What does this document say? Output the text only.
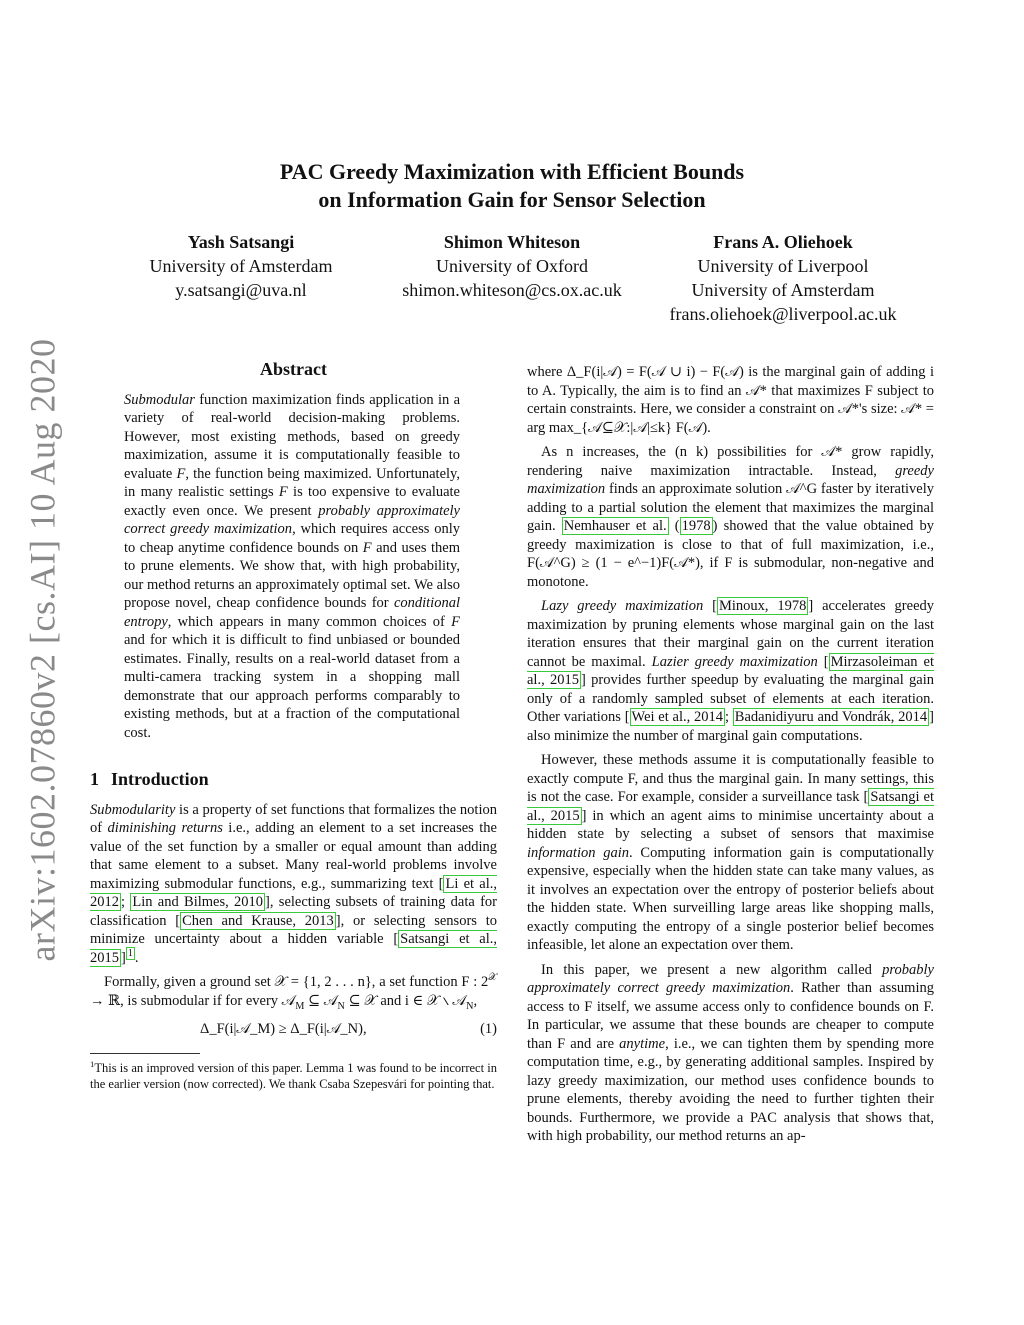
arXiv:1602.07860v2 [cs.AI] 10 Aug 2020
PAC Greedy Maximization with Efficient Bounds
on Information Gain for Sensor Selection
Yash Satsangi
University of Amsterdam
y.satsangi@uva.nl
Shimon Whiteson
University of Oxford
shimon.whiteson@cs.ox.ac.uk
Frans A. Oliehoek
University of Liverpool
University of Amsterdam
frans.oliehoek@liverpool.ac.uk
Abstract

Submodular function maximization finds application in a variety of real-world decision-making problems. However, most existing methods, based on greedy maximization, assume it is computationally feasible to evaluate F, the function being maximized. Unfortunately, in many realistic settings F is too expensive to evaluate exactly even once. We present probably approximately correct greedy maximization, which requires access only to cheap anytime confidence bounds on F and uses them to prune elements. We show that, with high probability, our method returns an approximately optimal set. We also propose novel, cheap confidence bounds for conditional entropy, which appears in many common choices of F and for which it is difficult to find unbiased or bounded estimates. Finally, results on a real-world dataset from a multi-camera tracking system in a shopping mall demonstrate that our approach performs comparably to existing methods, but at a fraction of the computational cost.

1 Introduction

Submodularity is a property of set functions that formalizes the notion of diminishing returns i.e., adding an element to a set increases the value of the set function by a smaller or equal amount than adding that same element to a subset. Many real-world problems involve maximizing submodular functions, e.g., summarizing text [ Li et al., 2012 ; Lin and Bilmes, 2010 ], selecting subsets of training data for classification [ Chen and Krause, 2013 ], or selecting sensors to minimize uncertainty about a hidden variable [ Satsangi et al., 2015 ] $^1$ .

Formally, given a ground set 𝒳 = {1, 2 . . . n}, a set function F : $2^𝒳$ → ℝ, is submodular if for every 𝒜$_M$ ⊆ 𝒜$_N$ ⊆ 𝒳 and i ∈ 𝒳 ∖ 𝒜$_N$,

Δ_F(i|𝒜_M) ≥ Δ_F(i|𝒜_N),	(1)
$^1$This is an improved version of this paper. Lemma 1 was found to be incorrect in the earlier version (now corrected). We thank Csaba Szepesvári for pointing that.

where Δ_F(i|𝒜) = F(𝒜 ∪ i) − F(𝒜) is the marginal gain of adding i to A. Typically, the aim is to find an 𝒜* that maximizes F subject to certain constraints. Here, we consider a constraint on 𝒜*'s size: 𝒜* = arg max_{𝒜⊆𝒳:|𝒜|≤k} F(𝒜).

As n increases, the (n k) possibilities for 𝒜* grow rapidly, rendering naive maximization intractable. Instead, greedy maximization finds an approximate solution 𝒜^G faster by iteratively adding to a partial solution the element that maximizes the marginal gain. Nemhauser et al. ( 1978 ) showed that the value obtained by greedy maximization is close to that of full maximization, i.e., F(𝒜^G) ≥ (1 − e^−1)F(𝒜*), if F is submodular, non-negative and monotone.

Lazy greedy maximization [ Minoux, 1978 ] accelerates greedy maximization by pruning elements whose marginal gain on the last iteration ensures that their marginal gain on the current iteration cannot be maximal. Lazier greedy maximization [ Mirzasoleiman et al., 2015 ] provides further speedup by evaluating the marginal gain only of a randomly sampled subset of elements at each iteration. Other variations [ Wei et al., 2014 ; Badanidiyuru and Vondrák, 2014 ] also minimize the number of marginal gain computations.

However, these methods assume it is computationally feasible to exactly compute F, and thus the marginal gain. In many settings, this is not the case. For example, consider a surveillance task [ Satsangi et al., 2015 ] in which an agent aims to minimise uncertainty about a hidden state by selecting a subset of sensors that maximise information gain. Computing information gain is computationally expensive, especially when the hidden state can take many values, as it involves an expectation over the entropy of posterior beliefs about the hidden state. When surveilling large areas like shopping malls, exactly computing the entropy of a single posterior belief becomes infeasible, let alone an expectation over them.

In this paper, we present a new algorithm called probably approximately correct greedy maximization. Rather than assuming access to F itself, we assume access only to confidence bounds on F. In particular, we assume that these bounds are cheaper to compute than F and are anytime, i.e., we can tighten them by spending more computation time, e.g., by generating additional samples. Inspired by lazy greedy maximization, our method uses confidence bounds to prune elements, thereby avoiding the need to further tighten their bounds. Furthermore, we provide a PAC analysis that shows that, with high probability, our method returns an ap-
